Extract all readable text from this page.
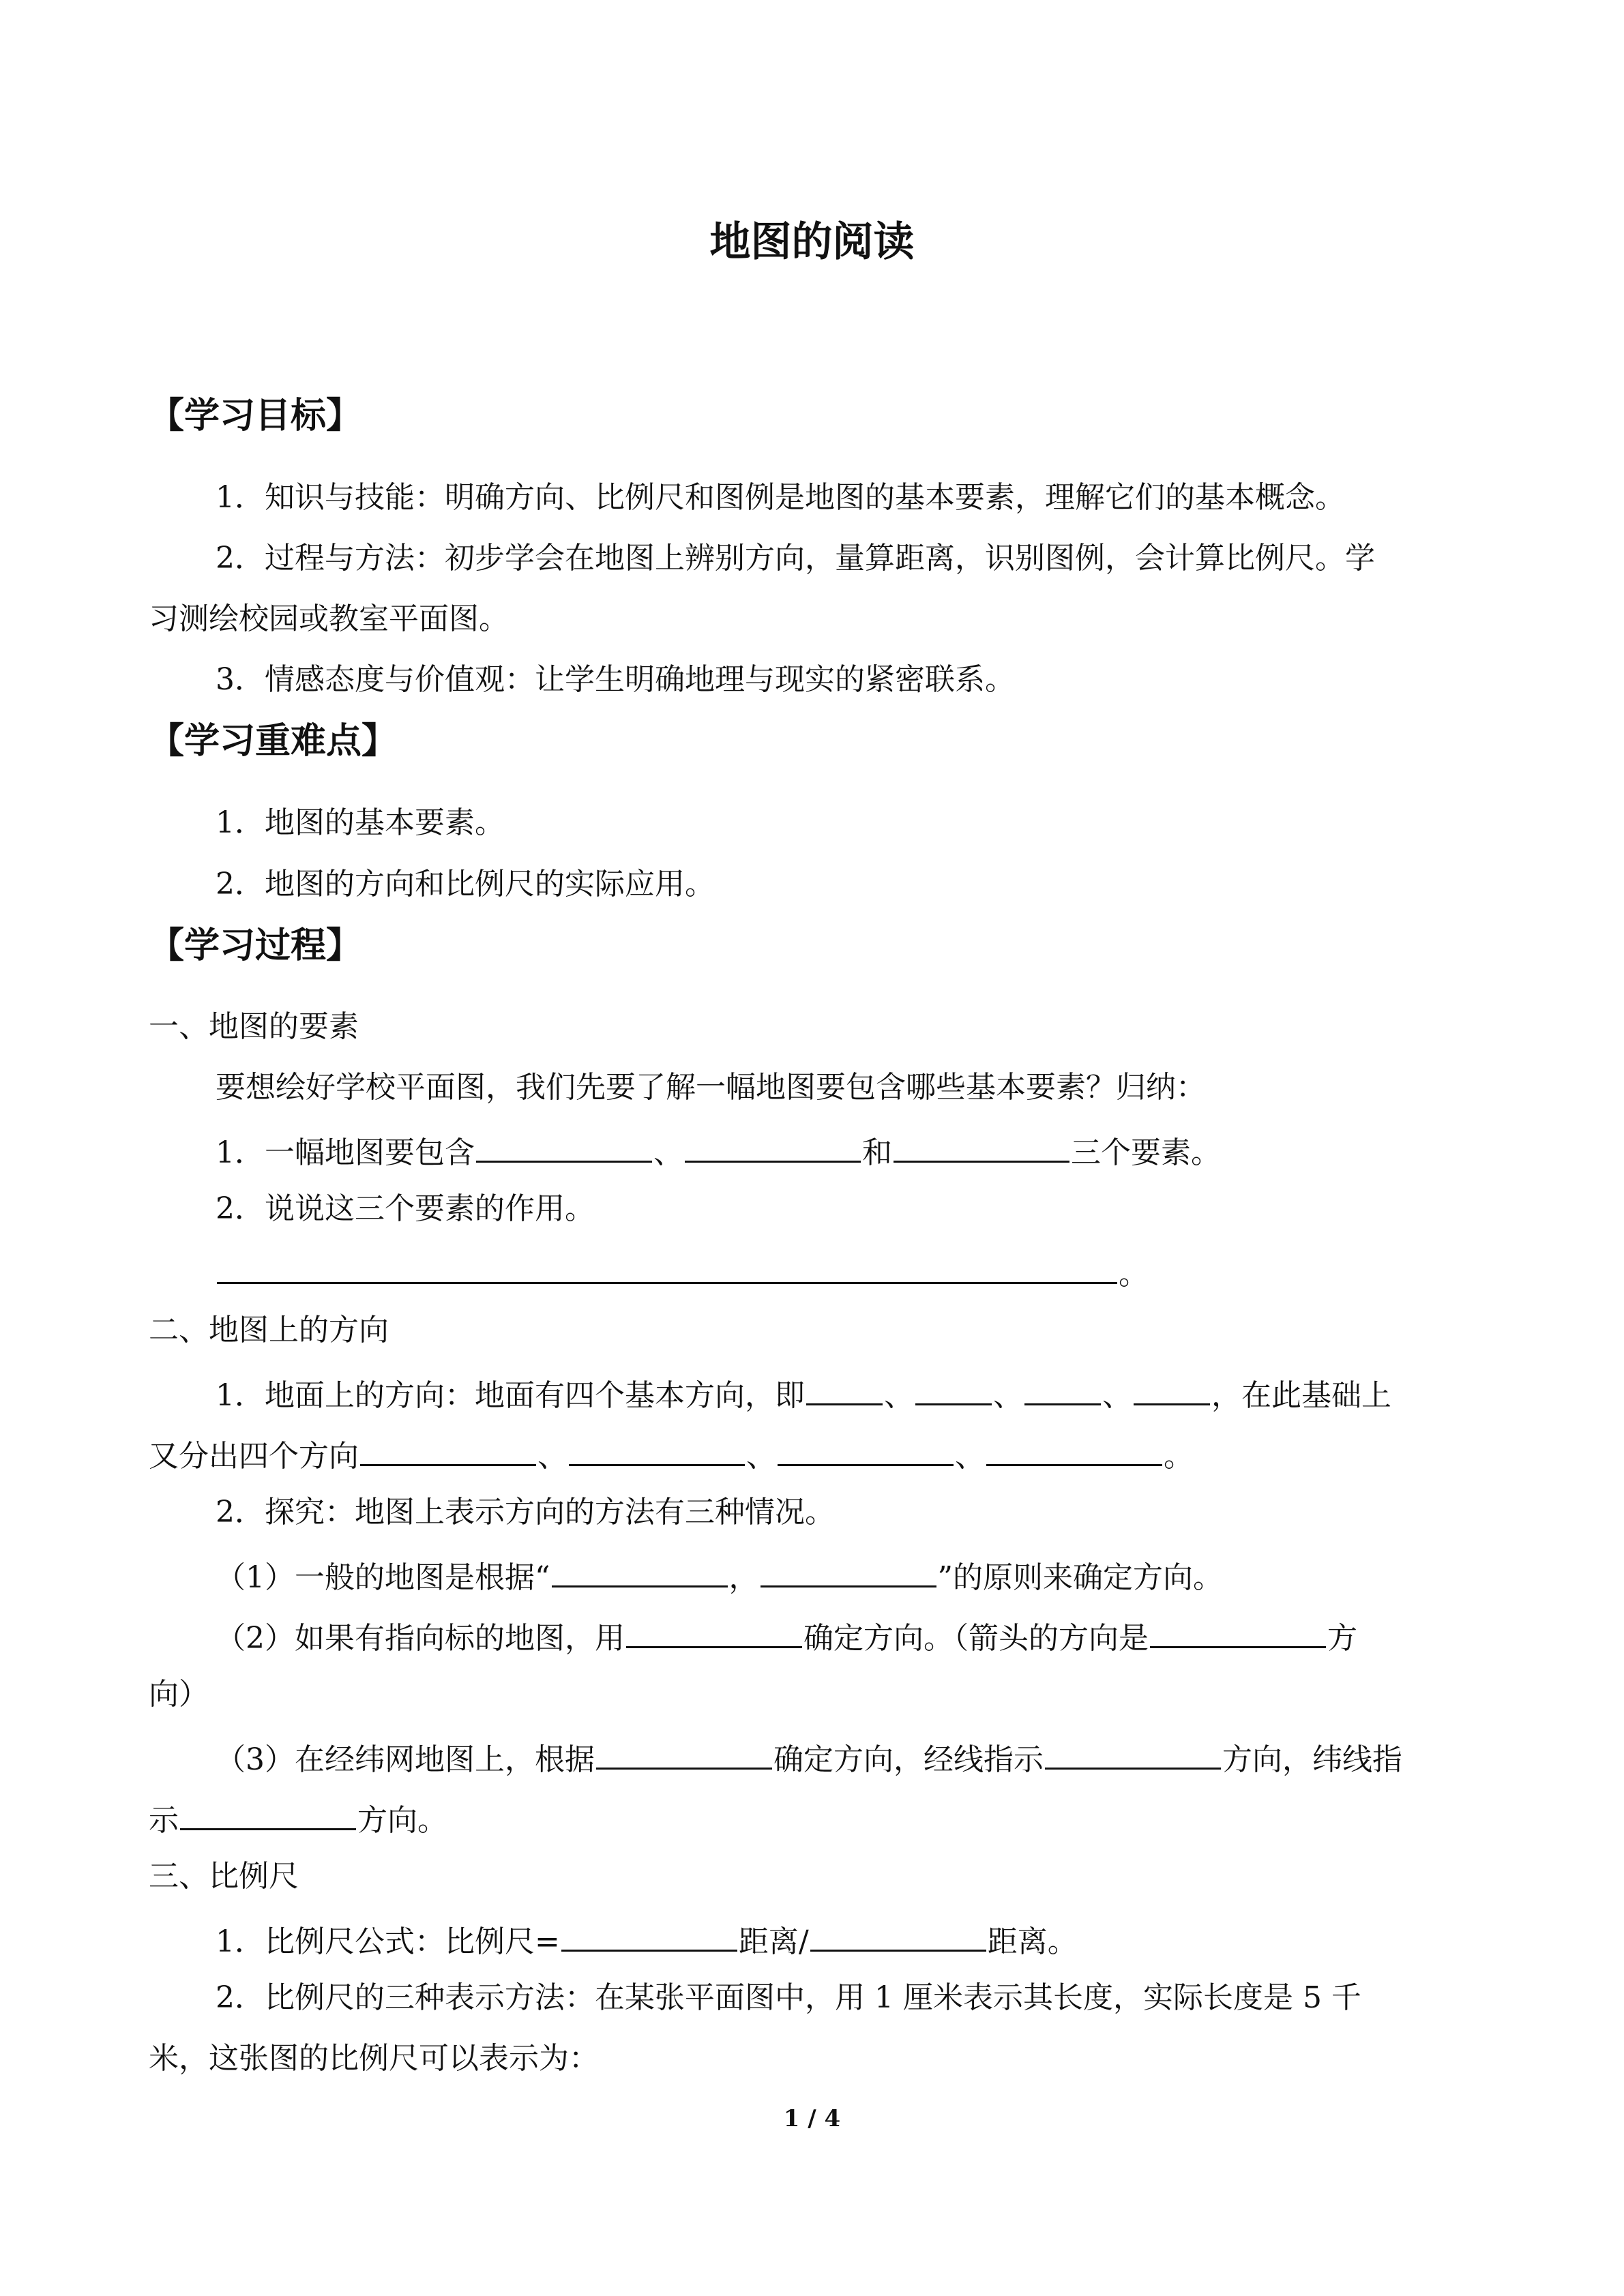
地图的阅读
【学习目标】
1．知识与技能：明确方向、比例尺和图例是地图的基本要素，理解它们的基本概念。
2．过程与方法：初步学会在地图上辨别方向，量算距离，识别图例，会计算比例尺。学
习测绘校园或教室平面图。
3．情感态度与价值观：让学生明确地理与现实的紧密联系。
【学习重难点】
1．地图的基本要素。
2．地图的方向和比例尺的实际应用。
【学习过程】
一、地图的要素
要想绘好学校平面图，我们先要了解一幅地图要包含哪些基本要素？归纳：
1．一幅地图要包含	、	和	三个要素。
2．说说这三个要素的作用。
。
二、地图上的方向
1．地面上的方向：地面有四个基本方向，即	、	、	、	，在此基础上
又分出四个方向	、	、	、	。
2．探究：地图上表示方向的方法有三种情况。
（1）一般的地图是根据“	，	”的原则来确定方向。
（2）如果有指向标的地图，用	确定方向。（箭头的方向是	方
向）
（3）在经纬网地图上，根据	确定方向，经线指示	方向，纬线指
示	方向。
三、比例尺
1．比例尺公式：比例尺=	距离/	距离。
2．比例尺的三种表示方法：在某张平面图中，用 1 厘米表示其长度，实际长度是 5 千
米，这张图的比例尺可以表示为：
1 / 4
